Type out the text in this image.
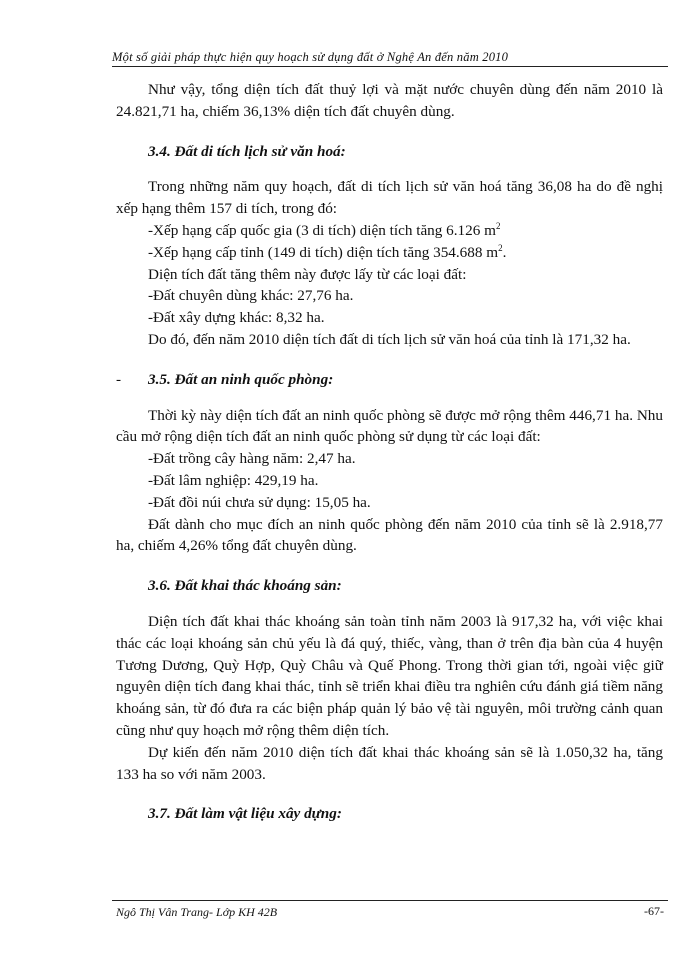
Một số giải pháp thực hiện quy hoạch sử dụng đất ở Nghệ An đến năm 2010

Như vậy, tổng diện tích đất thuỷ lợi và mặt nước chuyên dùng đến năm 2010 là 24.821,71 ha, chiếm 36,13% diện tích đất chuyên dùng.

3.4. Đất di tích lịch sử văn hoá:

Trong những năm quy hoạch, đất di tích lịch sử văn hoá tăng 36,08 ha do đề nghị xếp hạng thêm 157 di tích, trong đó:

-Xếp hạng cấp quốc gia (3 di tích) diện tích tăng 6.126 $m^2$

-Xếp hạng cấp tỉnh (149 di tích) diện tích tăng 354.688 $m^2$.

Diện tích đất tăng thêm này được lấy từ các loại đất:

-Đất chuyên dùng khác: 27,76 ha.

-Đất xây dựng khác: 8,32 ha.

Do đó, đến năm 2010 diện tích đất di tích lịch sử văn hoá của tỉnh là 171,32 ha.

- 3.5. Đất an ninh quốc phòng:

Thời kỳ này diện tích đất an ninh quốc phòng sẽ được mở rộng thêm 446,71 ha. Nhu cầu mở rộng diện tích đất an ninh quốc phòng sử dụng từ các loại đất:

-Đất trồng cây hàng năm: 2,47 ha.

-Đất lâm nghiệp: 429,19 ha.

-Đất đồi núi chưa sử dụng: 15,05 ha.

Đất dành cho mục đích an ninh quốc phòng đến năm 2010 của tỉnh sẽ là 2.918,77 ha, chiếm 4,26% tổng đất chuyên dùng.

3.6. Đất khai thác khoáng sản:

Diện tích đất khai thác khoáng sản toàn tỉnh năm 2003 là 917,32 ha, với việc khai thác các loại khoáng sản chủ yếu là đá quý, thiếc, vàng, than ở trên địa bàn của 4 huyện Tương Dương, Quỳ Hợp, Quỳ Châu và Quế Phong. Trong thời gian tới, ngoài việc giữ nguyên diện tích đang khai thác, tỉnh sẽ triển khai điều tra nghiên cứu đánh giá tiềm năng khoáng sản, từ đó đưa ra các biện pháp quản lý bảo vệ tài nguyên, môi trường cảnh quan cũng như quy hoạch mở rộng thêm diện tích.

Dự kiến đến năm 2010 diện tích đất khai thác khoáng sản sẽ là 1.050,32 ha, tăng 133 ha so với năm 2003.

3.7. Đất làm vật liệu xây dựng:

Ngô Thị Vân Trang- Lớp KH 42B	-67-
